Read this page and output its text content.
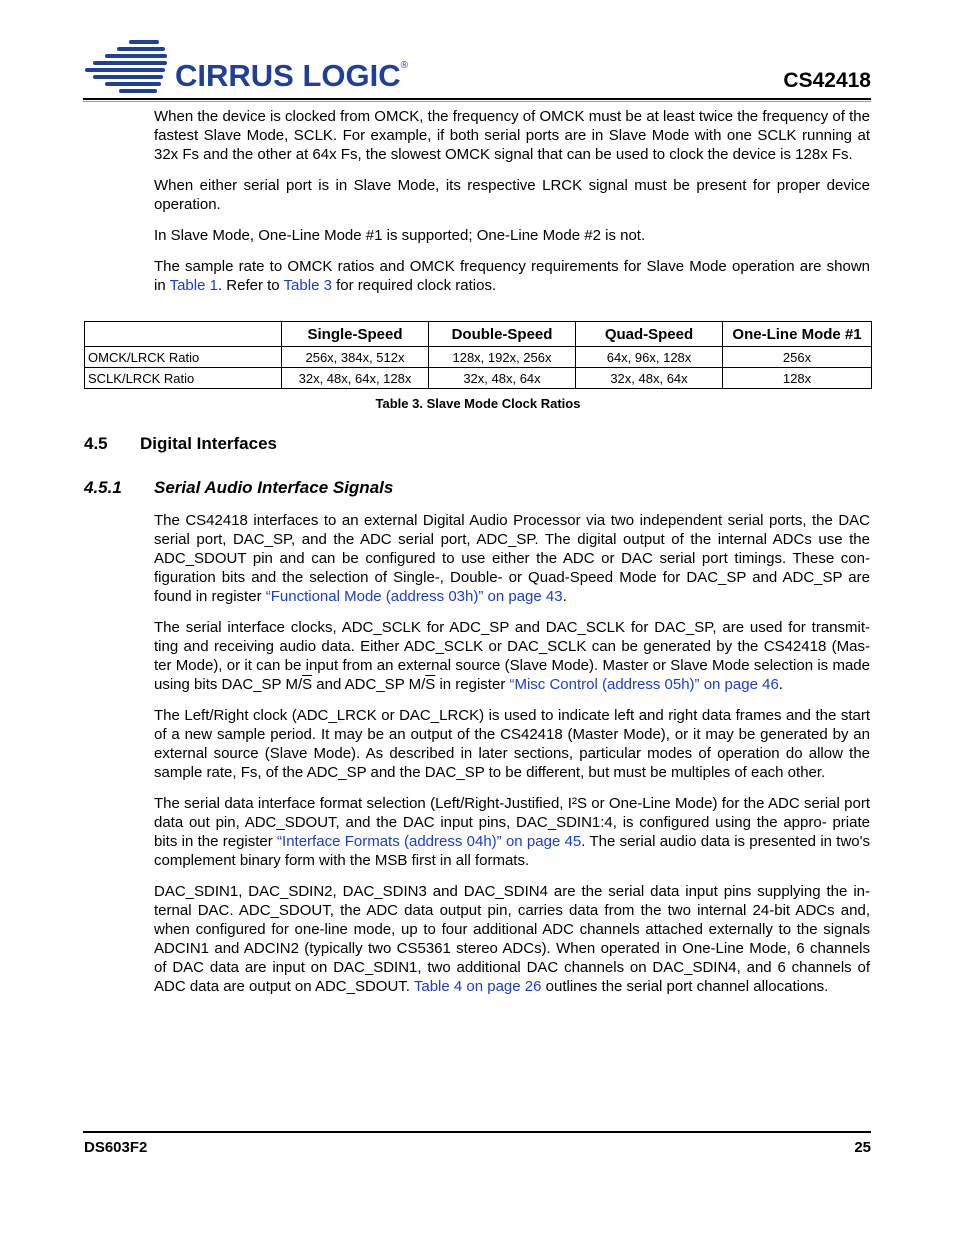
CIRRUS LOGIC®
CS42418

When the device is clocked from OMCK, the frequency of OMCK must be at least twice the frequency of the fastest Slave Mode, SCLK. For example, if both serial ports are in Slave Mode with one SCLK running at 32x Fs and the other at 64x Fs, the slowest OMCK signal that can be used to clock the device is 128x Fs.

When either serial port is in Slave Mode, its respective LRCK signal must be present for proper device operation.

In Slave Mode, One-Line Mode #1 is supported; One-Line Mode #2 is not.

The sample rate to OMCK ratios and OMCK frequency requirements for Slave Mode operation are shown in Table 1. Refer to Table 3 for required clock ratios.

	Single-Speed	Double-Speed	Quad-Speed	One-Line Mode #1
OMCK/LRCK Ratio	256x, 384x, 512x	128x, 192x, 256x	64x, 96x, 128x	256x
SCLK/LRCK Ratio	32x, 48x, 64x, 128x	32x, 48x, 64x	32x, 48x, 64x	128x
Table 3. Slave Mode Clock Ratios
4.5 Digital Interfaces
4.5.1 Serial Audio Interface Signals

The CS42418 interfaces to an external Digital Audio Processor via two independent serial ports, the DAC serial port, DAC_SP, and the ADC serial port, ADC_SP. The digital output of the internal ADCs use the ADC_SDOUT pin and can be configured to use either the ADC or DAC serial port timings. These con- figuration bits and the selection of Single-, Double- or Quad-Speed Mode for DAC_SP and ADC_SP are found in register “Functional Mode (address 03h)” on page 43.

The serial interface clocks, ADC_SCLK for ADC_SP and DAC_SCLK for DAC_SP, are used for transmit- ting and receiving audio data. Either ADC_SCLK or DAC_SCLK can be generated by the CS42418 (Mas- ter Mode), or it can be input from an external source (Slave Mode). Master or Slave Mode selection is made using bits DAC_SP $M/\overline{S}$ and ADC_SP $M/\overline{S}$ in register “Misc Control (address 05h)” on page 46.

The Left/Right clock (ADC_LRCK or DAC_LRCK) is used to indicate left and right data frames and the start of a new sample period. It may be an output of the CS42418 (Master Mode), or it may be generated by an external source (Slave Mode). As described in later sections, particular modes of operation do allow the sample rate, Fs, of the ADC_SP and the DAC_SP to be different, but must be multiples of each other.

The serial data interface format selection (Left/Right-Justified, I²S or One-Line Mode) for the ADC serial port data out pin, ADC_SDOUT, and the DAC input pins, DAC_SDIN1:4, is configured using the appro- priate bits in the register “Interface Formats (address 04h)” on page 45. The serial audio data is presented in two's complement binary form with the MSB first in all formats.

DAC_SDIN1, DAC_SDIN2, DAC_SDIN3 and DAC_SDIN4 are the serial data input pins supplying the in- ternal DAC. ADC_SDOUT, the ADC data output pin, carries data from the two internal 24-bit ADCs and, when configured for one-line mode, up to four additional ADC channels attached externally to the signals ADCIN1 and ADCIN2 (typically two CS5361 stereo ADCs). When operated in One-Line Mode, 6 channels of DAC data are input on DAC_SDIN1, two additional DAC channels on DAC_SDIN4, and 6 channels of ADC data are output on ADC_SDOUT. Table 4 on page 26 outlines the serial port channel allocations.

DS603F2	25
